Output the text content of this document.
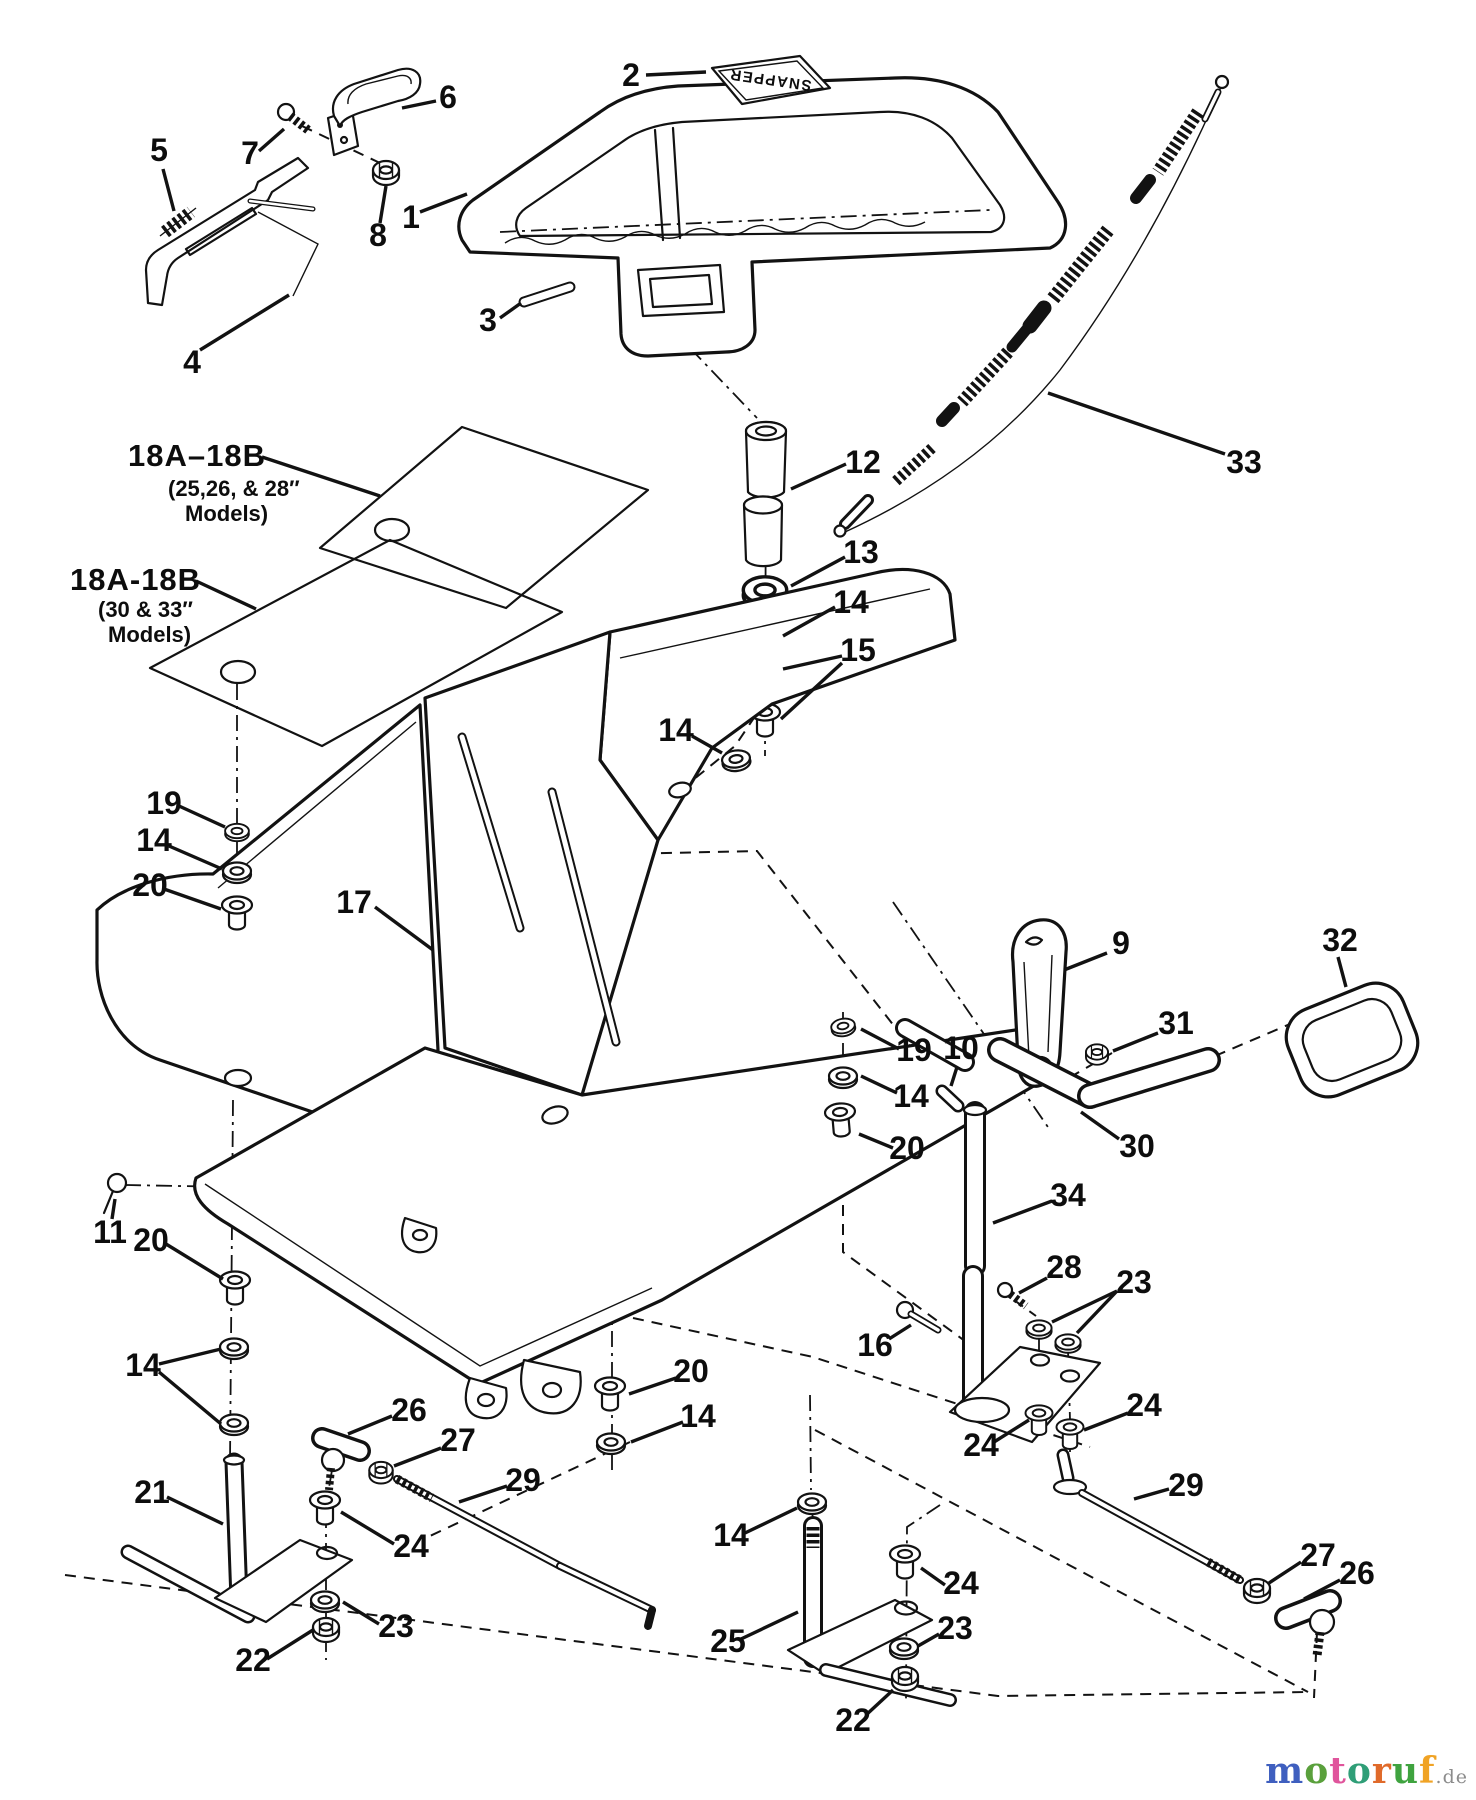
SNAPPER
18A–18B
(25,26, & 28″
Models)
18A-18B
(30 & 33″
Models)
1
2
3
4
5
6
7
8
9
10
11
12
13
14
15
14
17
19
14
20
19
14
20
34
30
31
32
33
20
14
21
26
27
29
24
23
22
20
14
25
14
16
28 23
24
24
29
27 26
22
23
24
motoruf.de
